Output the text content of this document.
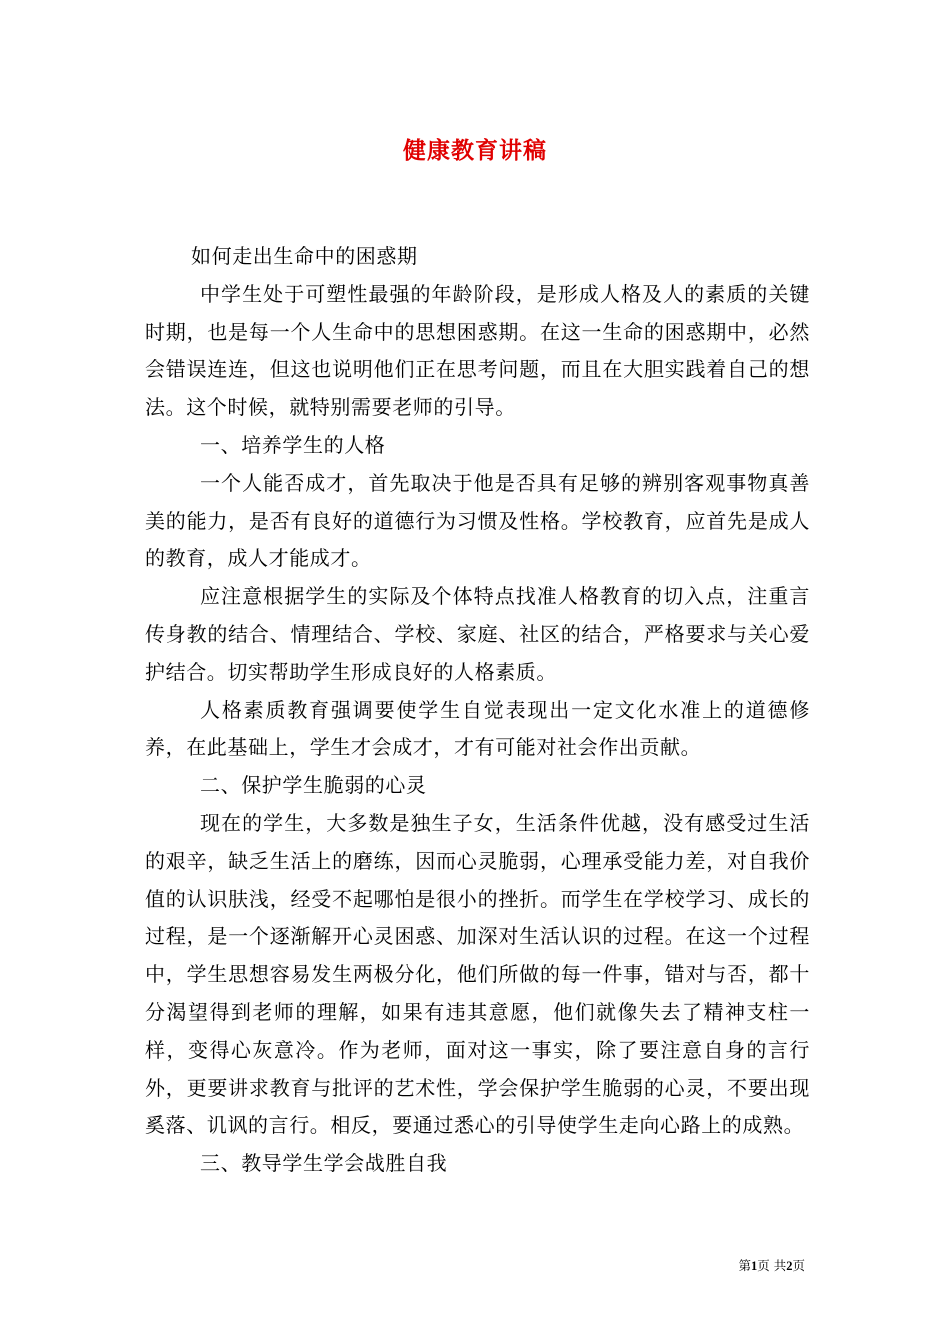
健康教育讲稿

如何走出生命中的困惑期

中学生处于可塑性最强的年龄阶段，是形成人格及人的素质的关键时期，也是每一个人生命中的思想困惑期。在这一生命的困惑期中，必然会错误连连，但这也说明他们正在思考问题，而且在大胆实践着自己的想法。这个时候，就特别需要老师的引导。

一、培养学生的人格

一个人能否成才，首先取决于他是否具有足够的辨别客观事物真善美的能力，是否有良好的道德行为习惯及性格。学校教育，应首先是成人的教育，成人才能成才。

应注意根据学生的实际及个体特点找准人格教育的切入点，注重言传身教的结合、情理结合、学校、家庭、社区的结合，严格要求与关心爱护结合。切实帮助学生形成良好的人格素质。

人格素质教育强调要使学生自觉表现出一定文化水准上的道德修养，在此基础上，学生才会成才，才有可能对社会作出贡献。

二、保护学生脆弱的心灵

现在的学生，大多数是独生子女，生活条件优越，没有感受过生活的艰辛，缺乏生活上的磨练，因而心灵脆弱，心理承受能力差，对自我价值的认识肤浅，经受不起哪怕是很小的挫折。而学生在学校学习、成长的过程，是一个逐渐解开心灵困惑、加深对生活认识的过程。在这一个过程中，学生思想容易发生两极分化，他们所做的每一件事，错对与否，都十分渴望得到老师的理解，如果有违其意愿，他们就像失去了精神支柱一样，变得心灰意冷。作为老师，面对这一事实，除了要注意自身的言行外，更要讲求教育与批评的艺术性，学会保护学生脆弱的心灵，不要出现奚落、讥讽的言行。相反，要通过悉心的引导使学生走向心路上的成熟。

三、教导学生学会战胜自我

第1页 共2页
